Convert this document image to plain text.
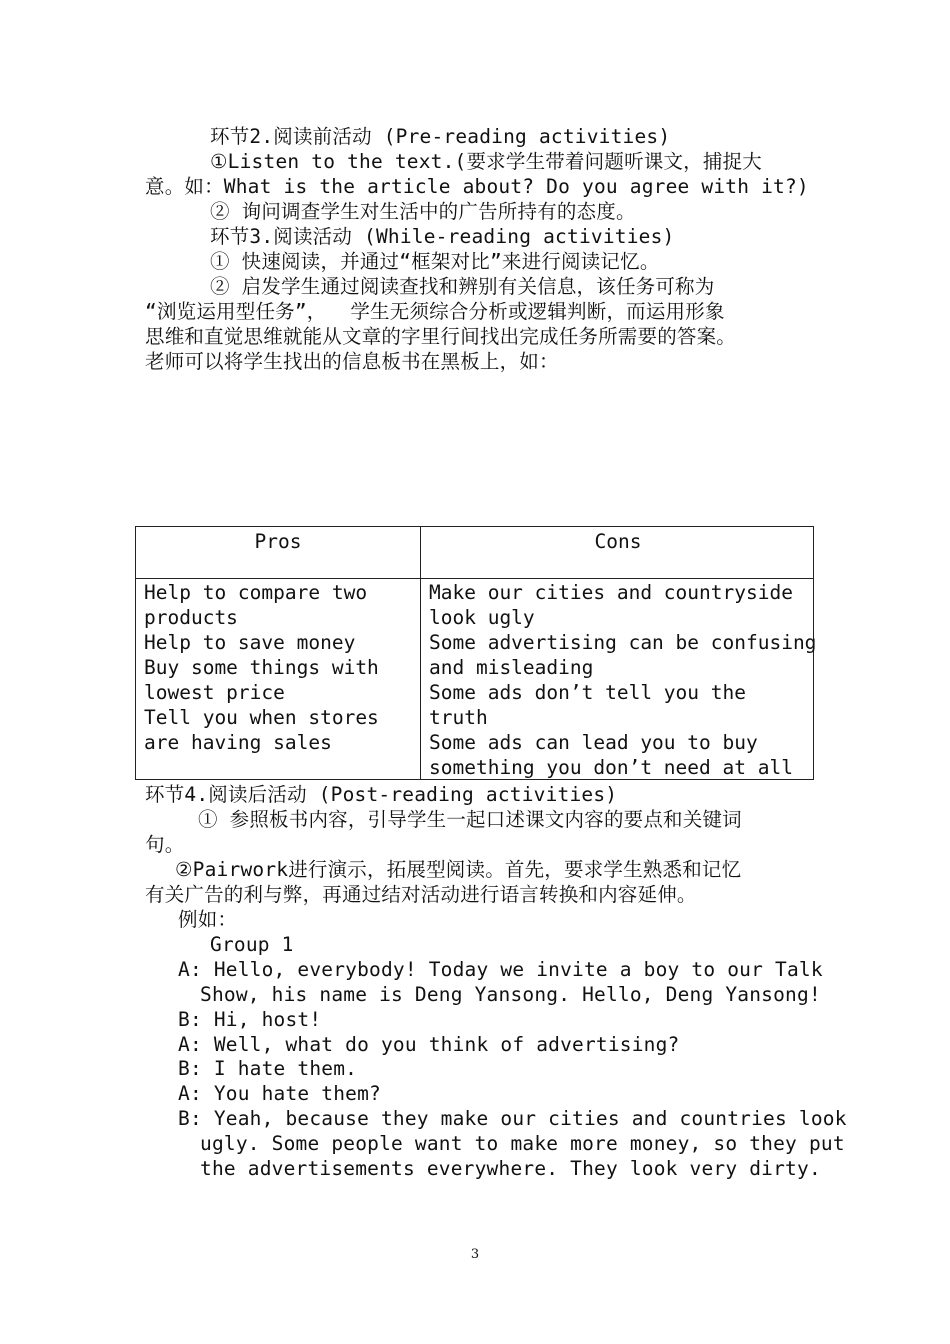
环节2.阅读前活动 (Pre-reading activities)
①Listen to the text.(要求学生带着问题听课文，捕捉大
意。如：What is the article about? Do you agree with it?)
② 询问调查学生对生活中的广告所持有的态度。
环节3.阅读活动 (While-reading activities)
① 快速阅读，并通过“框架对比”来进行阅读记忆。
② 启发学生通过阅读查找和辨别有关信息，该任务可称为
“浏览运用型任务”，  学生无须综合分析或逻辑判断，而运用形象
思维和直觉思维就能从文章的字里行间找出完成任务所需要的答案。
老师可以将学生找出的信息板书在黑板上，如：
Pros	Cons
Help to compare two
products
Help to save money
Buy some things with
lowest price
Tell you when stores
are having sales
Make our cities and countryside
look ugly
Some advertising can be confusing
and misleading
Some ads don’t tell you the
truth
Some ads can lead you to buy
something you don’t need at all
环节4.阅读后活动 (Post-reading activities)
① 参照板书内容，引导学生一起口述课文内容的要点和关键词
句。
②Pairwork进行演示，拓展型阅读。首先，要求学生熟悉和记忆
有关广告的利与弊，再通过结对活动进行语言转换和内容延伸。
例如：
Group 1
A: Hello, everybody! Today we invite a boy to our Talk
Show, his name is Deng Yansong. Hello, Deng Yansong!
B: Hi, host!
A: Well, what do you think of advertising?
B: I hate them.
A: You hate them?
B: Yeah, because they make our cities and countries look
ugly. Some people want to make more money, so they put
the advertisements everywhere. They look very dirty.
3
